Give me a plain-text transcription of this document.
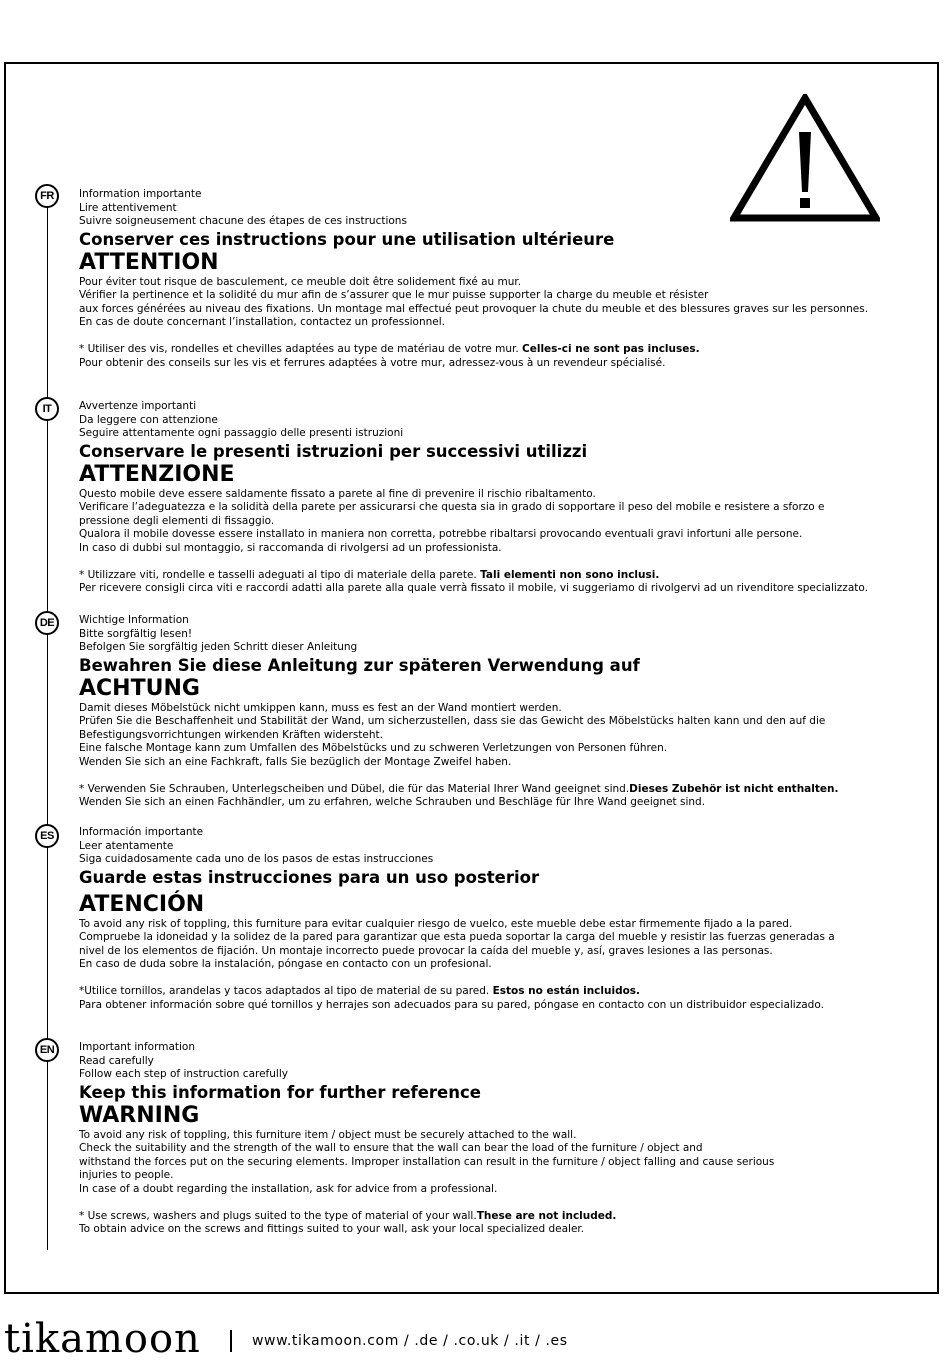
FR Information importante
Lire attentivement
Suivre soigneusement chacune des étapes de ces instructions
Conserver ces instructions pour une utilisation ultérieure
ATTENTION

Pour éviter tout risque de basculement, ce meuble doit être solidement fixé au mur.

Vérifier la pertinence et la solidité du mur afin de s’assurer que le mur puisse supporter la charge du meuble et résister

aux forces générées au niveau des fixations. Un montage mal effectué peut provoquer la chute du meuble et des blessures graves sur les personnes.

En cas de doute concernant l’installation, contactez un professionnel.

* Utiliser des vis, rondelles et chevilles adaptées au type de matériau de votre mur. Celles-ci ne sont pas incluses.

Pour obtenir des conseils sur les vis et ferrures adaptées à votre mur, adressez-vous à un revendeur spécialisé.

IT	Avvertenze importanti
Da leggere con attenzione
Seguire attentamente ogni passaggio delle presenti istruzioni
Conservare le presenti istruzioni per successivi utilizzi
ATTENZIONE

Questo mobile deve essere saldamente fissato a parete al fine di prevenire il rischio ribaltamento.

Verificare l’adeguatezza e la solidità della parete per assicurarsi che questa sia in grado di sopportare il peso del mobile e resistere a sforzo e

pressione degli elementi di fissaggio.

Qualora il mobile dovesse essere installato in maniera non corretta, potrebbe ribaltarsi provocando eventuali gravi infortuni alle persone.

In caso di dubbi sul montaggio, si raccomanda di rivolgersi ad un professionista.

* Utilizzare viti, rondelle e tasselli adeguati al tipo di materiale della parete. Tali elementi non sono inclusi.

Per ricevere consigli circa viti e raccordi adatti alla parete alla quale verrà fissato il mobile, vi suggeriamo di rivolgervi ad un rivenditore specializzato.

DE Wichtige Information
Bitte sorgfältig lesen!
Befolgen Sie sorgfältig jeden Schritt dieser Anleitung
Bewahren Sie diese Anleitung zur späteren Verwendung auf
ACHTUNG

Damit dieses Möbelstück nicht umkippen kann, muss es fest an der Wand montiert werden.

Prüfen Sie die Beschaffenheit und Stabilität der Wand, um sicherzustellen, dass sie das Gewicht des Möbelstücks halten kann und den auf die

Befestigungsvorrichtungen wirkenden Kräften widersteht.

Eine falsche Montage kann zum Umfallen des Möbelstücks und zu schweren Verletzungen von Personen führen.

Wenden Sie sich an eine Fachkraft, falls Sie bezüglich der Montage Zweifel haben.

* Verwenden Sie Schrauben, Unterlegscheiben und Dübel, die für das Material Ihrer Wand geeignet sind.Dieses Zubehör ist nicht enthalten.

Wenden Sie sich an einen Fachhändler, um zu erfahren, welche Schrauben und Beschläge für Ihre Wand geeignet sind.

ES Información importante
Leer atentamente
Siga cuidadosamente cada uno de los pasos de estas instrucciones
Guarde estas instrucciones para un uso posterior
ATENCIÓN

To avoid any risk of toppling, this furniture para evitar cualquier riesgo de vuelco, este mueble debe estar firmemente fijado a la pared.

Compruebe la idoneidad y la solidez de la pared para garantizar que esta pueda soportar la carga del mueble y resistir las fuerzas generadas a

nivel de los elementos de fijación. Un montaje incorrecto puede provocar la caída del mueble y, así, graves lesiones a las personas.

En caso de duda sobre la instalación, póngase en contacto con un profesional.

*Utilice tornillos, arandelas y tacos adaptados al tipo de material de su pared. Estos no están incluidos.

Para obtener información sobre qué tornillos y herrajes son adecuados para su pared, póngase en contacto con un distribuidor especializado.

EN Important information
Read carefully
Follow each step of instruction carefully
Keep this information for further reference
WARNING

To avoid any risk of toppling, this furniture item / object must be securely attached to the wall.

Check the suitability and the strength of the wall to ensure that the wall can bear the load of the furniture / object and

withstand the forces put on the securing elements. Improper installation can result in the furniture / object falling and cause serious

injuries to people.

In case of a doubt regarding the installation, ask for advice from a professional.

* Use screws, washers and plugs suited to the type of material of your wall.These are not included.

To obtain advice on the screws and fittings suited to your wall, ask your local specialized dealer.

tikamoon	www.tikamoon.com / .de / .co.uk / .it / .es
